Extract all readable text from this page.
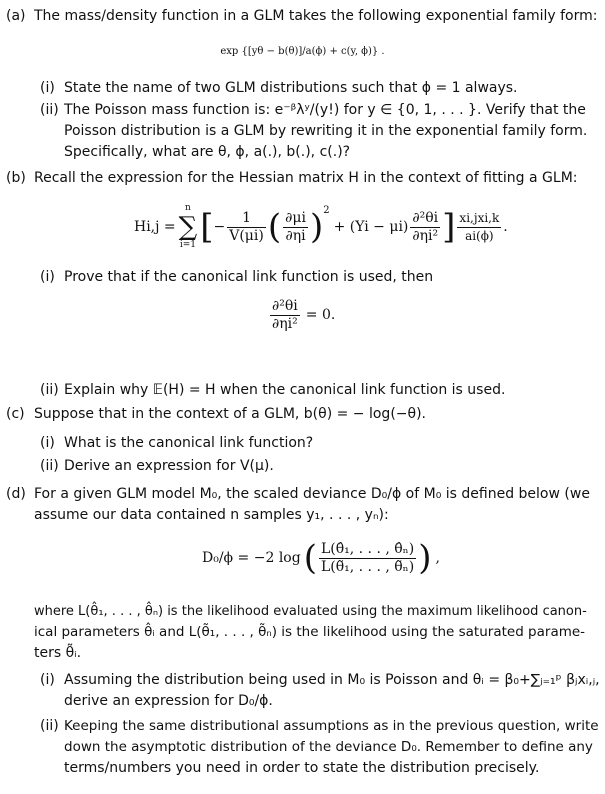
(a) The mass/density function in a GLM takes the following exponential family form:
exp {[yθ − b(θ)]/a(ϕ) + c(y, ϕ)} .
(i) State the name of two GLM distributions such that ϕ = 1 always.
(ii) The Poisson mass function is: e⁻ᵝλʸ/(y!) for y ∈ {0, 1, . . . }. Verify that the
Poisson distribution is a GLM by rewriting it in the exponential family form.
Specifically, what are θ, ϕ, a(.), b(.), c(.)?
(b) Recall the expression for the Hessian matrix H in the context of fitting a GLM:
Hi,j =
n
∑
i=1 [ − $\frac{1}{V(\mu i)}$ ( $\frac{\partial\mu i}{\partial\eta i} )^2$
+ $(Yi - \mu i) \frac{\text{∂²θi}}{\text{∂ηi²}}$ ] $\frac{\text{xi,jxi,k}}{ai(\phi)}$ .
(i) Prove that if the canonical link function is used, then
$\frac{\text{∂²θi}}{\text{∂ηi²}} = 0$.
(ii) Explain why 𝔼(H) = H when the canonical link function is used.
(c) Suppose that in the context of a GLM, b(θ) = − log(−θ).
(i) What is the canonical link function?
(ii) Derive an expression for V(μ).
(d) For a given GLM model M₀, the scaled deviance D₀/ϕ of M₀ is defined below (we
assume our data contained n samples y₁, . . . , yₙ):
D₀/ϕ = −2 log ( $\frac{\text{L(θ̂₁, . . . , θ̂ₙ)}}{\text{L(θ̃₁, . . . , θ̃ₙ)}}$ ) ,
where L(θ̂₁, . . . , θ̂ₙ) is the likelihood evaluated using the maximum likelihood canon-
ical parameters θ̂ᵢ and L(θ̃₁, . . . , θ̃ₙ) is the likelihood using the saturated parame-
ters θ̃ᵢ.
(i) Assuming the distribution being used in M₀ is Poisson and θᵢ = β₀+∑ⱼ₌₁ᵖ βⱼxᵢ,ⱼ,
derive an expression for D₀/ϕ.
(ii) Keeping the same distributional assumptions as in the previous question, write
down the asymptotic distribution of the deviance D₀. Remember to define any
terms/numbers you need in order to state the distribution precisely.
